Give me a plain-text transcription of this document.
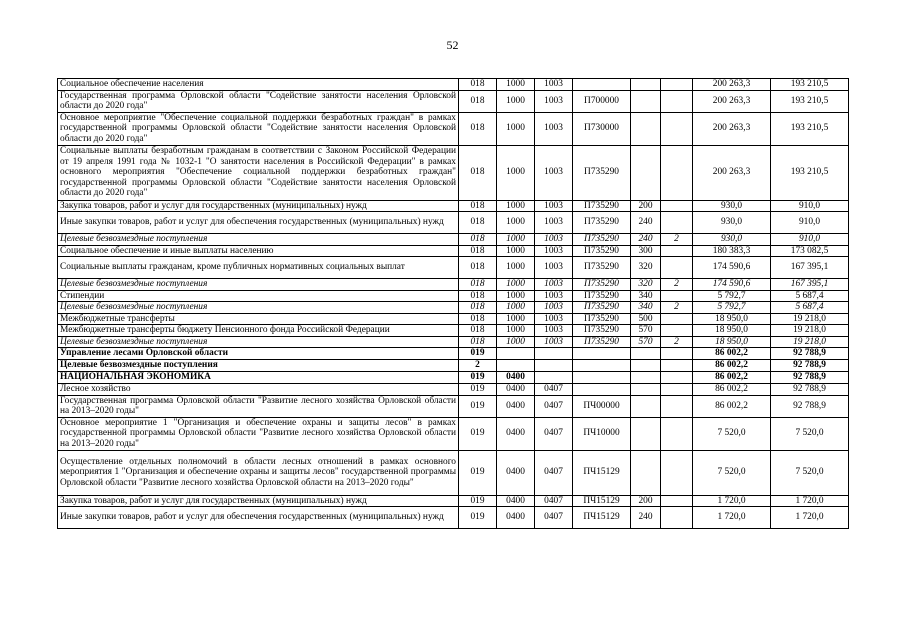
52
Социальное обеспечение населения	018	1000	1003				200 263,3	193 210,5
Государственная программа Орловской области "Содействие занятости населения Орловской области до 2020 года"	018	1000	1003	П700000			200 263,3	193 210,5
Основное мероприятие "Обеспечение социальной поддержки безработных граждан" в рамках государственной программы Орловской области "Содействие занятости населения Орловской области до 2020 года"	018	1000	1003	П730000			200 263,3	193 210,5
Социальные выплаты безработным гражданам в соответствии с Законом Российской Федерации от 19 апреля 1991 года № 1032-1 "О занятости населения в Российской Федерации" в рамках основного мероприятия "Обеспечение социальной поддержки безработных граждан" государственной программы Орловской области "Содействие занятости населения Орловской области до 2020 года"	018	1000	1003	П735290			200 263,3	193 210,5
Закупка товаров, работ и услуг для государственных (муниципальных) нужд	018	1000	1003	П735290	200		930,0	910,0
Иные закупки товаров, работ и услуг для обеспечения государственных (муниципальных) нужд	018	1000	1003	П735290	240		930,0	910,0
Целевые безвозмездные поступления	018	1000	1003	П735290	240	2	930,0	910,0
Социальное обеспечение и иные выплаты населению	018	1000	1003	П735290	300		180 383,3	173 082,5
Социальные выплаты гражданам, кроме публичных нормативных социальных выплат	018	1000	1003	П735290	320		174 590,6	167 395,1
Целевые безвозмездные поступления	018	1000	1003	П735290	320	2	174 590,6	167 395,1
Стипендии	018	1000	1003	П735290	340		5 792,7	5 687,4
Целевые безвозмездные поступления	018	1000	1003	П735290	340	2	5 792,7	5 687,4
Межбюджетные трансферты	018	1000	1003	П735290	500		18 950,0	19 218,0
Межбюджетные трансферты бюджету Пенсионного фонда Российской Федерации	018	1000	1003	П735290	570		18 950,0	19 218,0
Целевые безвозмездные поступления	018	1000	1003	П735290	570	2	18 950,0	19 218,0
Управление лесами Орловской области	019						86 002,2	92 788,9
Целевые безвозмездные поступления	2						86 002,2	92 788,9
НАЦИОНАЛЬНАЯ ЭКОНОМИКА	019	0400					86 002,2	92 788,9
Лесное хозяйство	019	0400	0407				86 002,2	92 788,9
Государственная программа Орловской области "Развитие лесного хозяйства Орловской области на 2013–2020 годы"	019	0400	0407	ПЧ00000			86 002,2	92 788,9
Основное мероприятие 1 "Организация и обеспечение охраны и защиты лесов" в рамках государственной программы Орловской области "Развитие лесного хозяйства Орловской области на 2013–2020 годы"	019	0400	0407	ПЧ10000			7 520,0	7 520,0
Осуществление отдельных полномочий в области лесных отношений в рамках основного мероприятия 1 "Организация и обеспечение охраны и защиты лесов" государственной программы Орловской области "Развитие лесного хозяйства Орловской области на 2013–2020 годы"	019	0400	0407	ПЧ15129			7 520,0	7 520,0
Закупка товаров, работ и услуг для государственных (муниципальных) нужд	019	0400	0407	ПЧ15129	200		1 720,0	1 720,0
Иные закупки товаров, работ и услуг для обеспечения государственных (муниципальных) нужд	019	0400	0407	ПЧ15129	240		1 720,0	1 720,0
